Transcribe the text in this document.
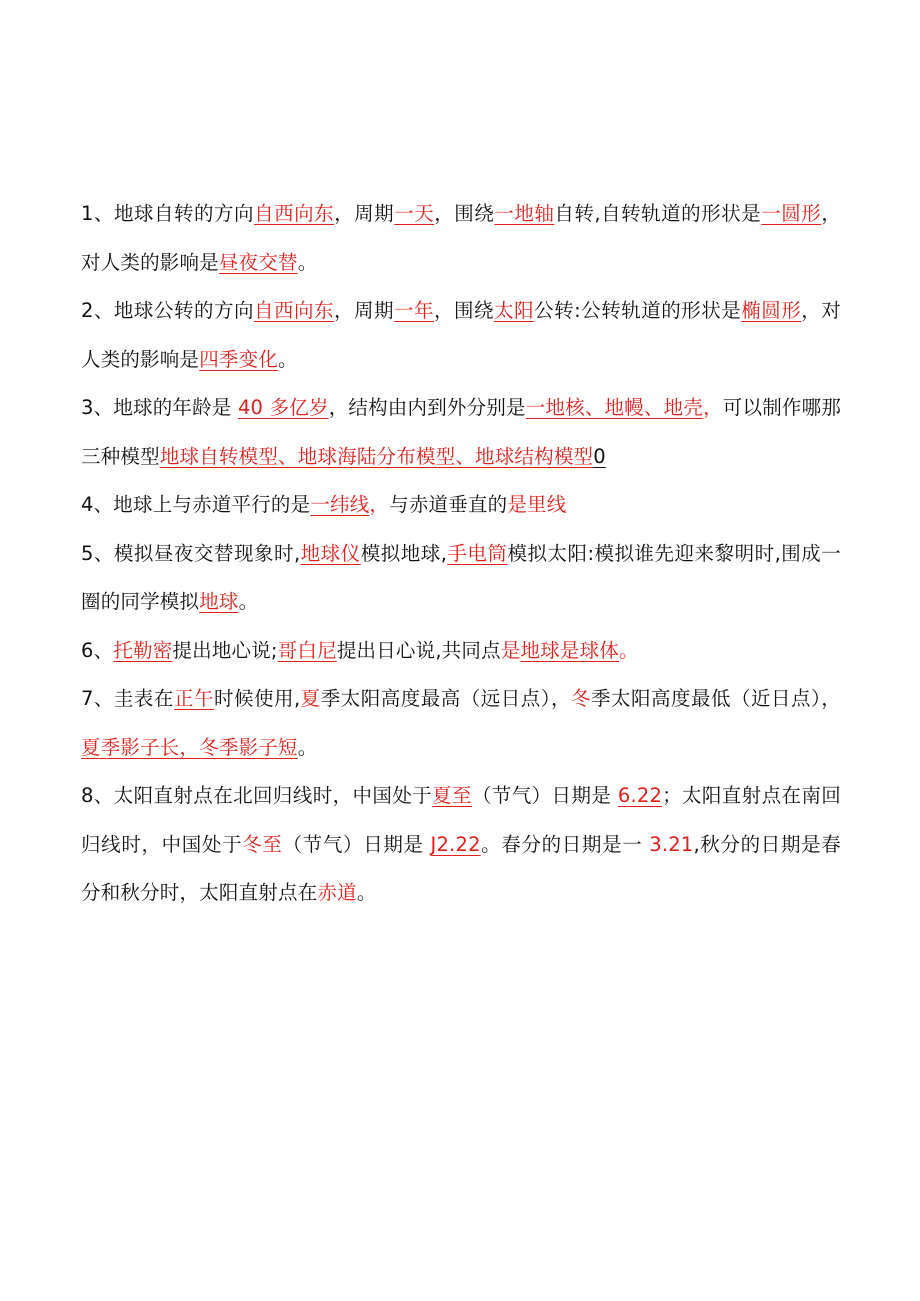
1、地球自转的方向自西向东，周期一天，围绕一地轴自转,自转轨道的形状是一圆形，对人类的影响是昼夜交替。

2、地球公转的方向自西向东，周期一年，围绕太阳公转:公转轨道的形状是椭圆形，对人类的影响是四季变化。

3、地球的年龄是 40 多亿岁，结构由内到外分别是一地核、地幔、地壳，可以制作哪那三种模型地球自转模型、地球海陆分布模型、地球结构模型0

4、地球上与赤道平行的是一纬线，与赤道垂直的是里线

5、模拟昼夜交替现象时,地球仪模拟地球,手电筒模拟太阳:模拟谁先迎来黎明时,围成一圈的同学模拟地球。

6、托勒密提出地心说;哥白尼提出日心说,共同点是地球是球体。

7、圭表在正午时候使用,夏季太阳高度最高（远日点），冬季太阳高度最低（近日点），夏季影子长，冬季影子短。

8、太阳直射点在北回归线时，中国处于夏至（节气）日期是 6.22；太阳直射点在南回归线时，中国处于冬至（节气）日期是 J2.22。春分的日期是一 3.21,秋分的日期是春分和秋分时，太阳直射点在赤道。
